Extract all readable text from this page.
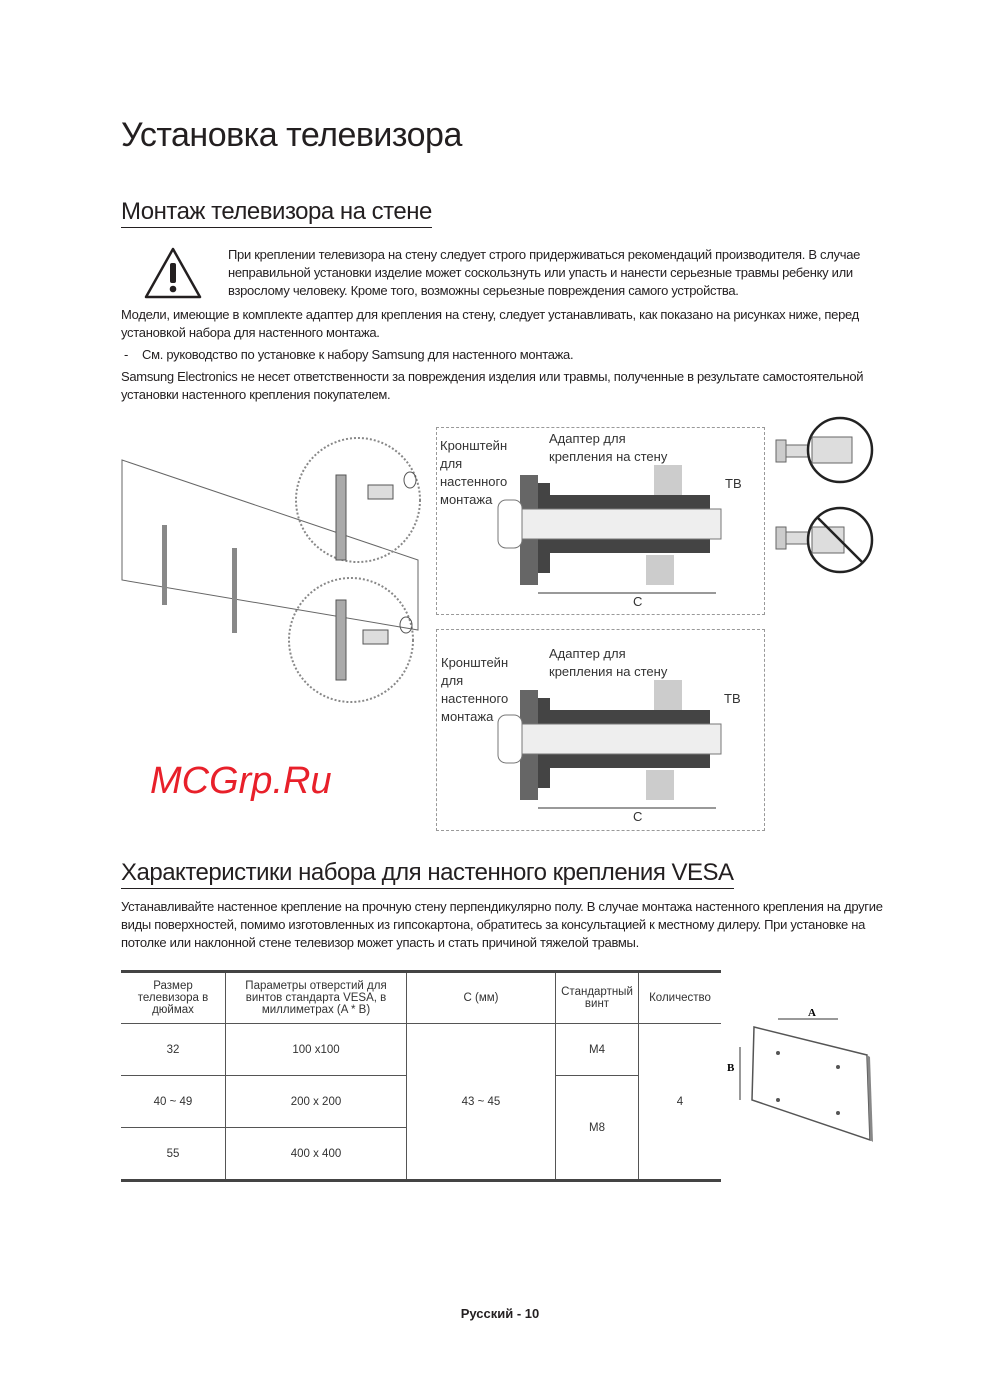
Установка телевизора
Монтаж телевизора на стене

При креплении телевизора на стену следует строго придерживаться рекомендаций производителя. В случае неправильной установки изделие может соскользнуть или упасть и нанести серьезные травмы ребенку или взрослому человеку. Кроме того, возможны серьезные повреждения самого устройства.

Модели, имеющие в комплекте адаптер для крепления на стену, следует устанавливать, как показано на рисунках ниже, перед установкой набора для настенного монтажа.

-	См. руководство по установке к набору Samsung для настенного монтажа.

Samsung Electronics не несет ответственности за повреждения изделия или травмы, полученные в результате самостоятельной установки настенного крепления покупателем.

Кронштейн для настенного монтажа
Адаптер для крепления на стену
ТВ
C
Кронштейн для настенного монтажа
Адаптер для крепления на стену
ТВ
C
MCGrp.Ru
Характеристики набора для настенного крепления VESA

Устанавливайте настенное крепление на прочную стену перпендикулярно полу. В случае монтажа настенного крепления на другие виды поверхностей, помимо изготовленных из гипсокартона, обратитесь за консультацией к местному дилеру. При установке на потолке или наклонной стене телевизор может упасть и стать причиной тяжелой травмы.

Размер телевизора в дюймах	Параметры отверстий для винтов стандарта VESA, в миллиметрах (A * B)	C (мм)	Стандартный винт	Количество
32	100 x100	43 ~ 45	M4	4
40 ~ 49	200 x 200		M8	
55	400 x 400			
A
B
Русский - 10
